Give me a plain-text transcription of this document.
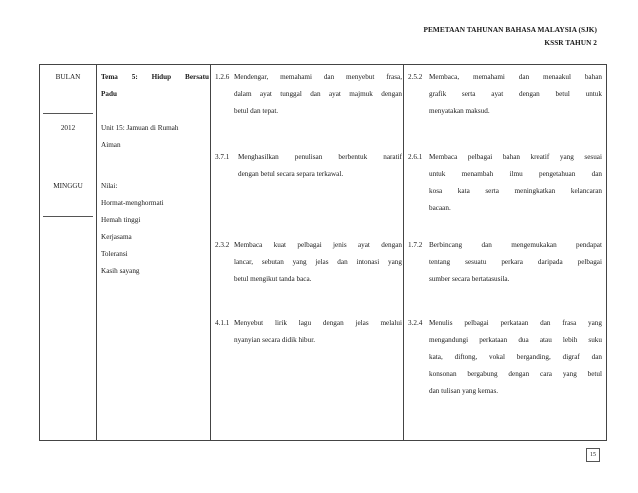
PEMETAAN TAHUNAN BAHASA MALAYSIA (SJK)
KSSR TAHUN 2
BULAN
2012
MINGGU
Tema 5: Hidup Bersatu
Padu
Unit 15: Jamuan di Rumah
Aiman
Nilai:
Hormat-menghormati
Hemah tinggi
Kerjasama
Toleransi
Kasih sayang
1.2.6 Mendengar, memahami dan menyebut frasa,
dalam ayat tunggal dan ayat majmuk dengan
betul dan tepat.
3.7.1	Menghasilkan penulisan berbentuk naratif
dengan betul secara separa terkawal.
2.3.2 Membaca kuat pelbagai jenis ayat dengan
lancar, sebutan yang jelas dan intonasi yang
betul mengikut tanda baca.
4.1.1 Menyebut lirik lagu dengan jelas melalui
nyanyian secara didik hibur.
2.5.2 Membaca, memahami dan menaakul bahan
grafik serta ayat dengan betul untuk
menyatakan maksud.
2.6.1 Membaca pelbagai bahan kreatif yang sesuai
untuk menambah ilmu pengetahuan dan
kosa kata serta meningkatkan kelancaran
bacaan.
1.7.2 Berbincang dan mengemukakan pendapat
tentang sesuatu perkara daripada pelbagai
sumber secara bertatasusila.
3.2.4 Menulis pelbagai perkataan dan frasa yang
mengandungi perkataan dua atau lebih suku
kata, diftong, vokal berganding, digraf dan
konsonan bergabung dengan cara yang betul
dan tulisan yang kemas.
15
